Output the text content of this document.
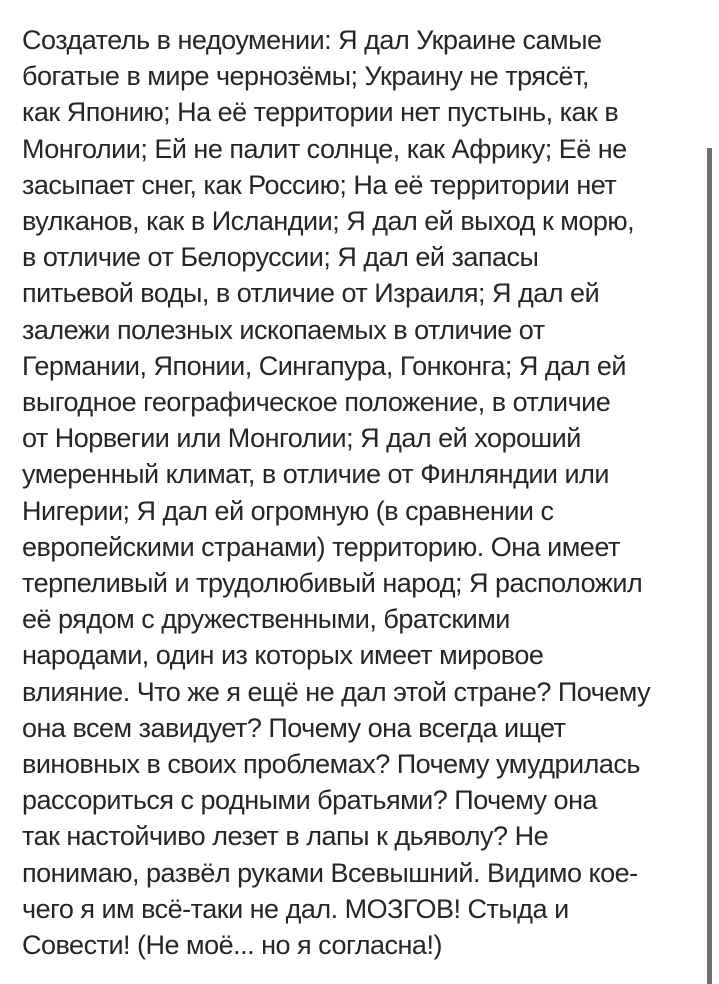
Создатель в недоумении: Я дал Украине самые
богатые в мире чернозёмы; Украину не трясёт,
как Японию; На её территории нет пустынь, как в
Монголии; Ей не палит солнце, как Африку; Её не
засыпает снег, как Россию; На её территории нет
вулканов, как в Исландии; Я дал ей выход к морю,
в отличие от Белоруссии; Я дал ей запасы
питьевой воды, в отличие от Израиля; Я дал ей
залежи полезных ископаемых в отличие от
Германии, Японии, Сингапура, Гонконга; Я дал ей
выгодное географическое положение, в отличие
от Норвегии или Монголии; Я дал ей хороший
умеренный климат, в отличие от Финляндии или
Нигерии; Я дал ей огромную (в сравнении с
европейскими странами) территорию. Она имеет
терпеливый и трудолюбивый народ; Я расположил
её рядом с дружественными, братскими
народами, один из которых имеет мировое
влияние. Что же я ещё не дал этой стране? Почему
она всем завидует? Почему она всегда ищет
виновных в своих проблемах? Почему умудрилась
рассориться с родными братьями? Почему она
так настойчиво лезет в лапы к дьяволу? Не
понимаю, развёл руками Всевышний. Видимо кое-
чего я им всё-таки не дал. МОЗГОВ! Стыда и
Совести! (Не моё... но я согласна!)
